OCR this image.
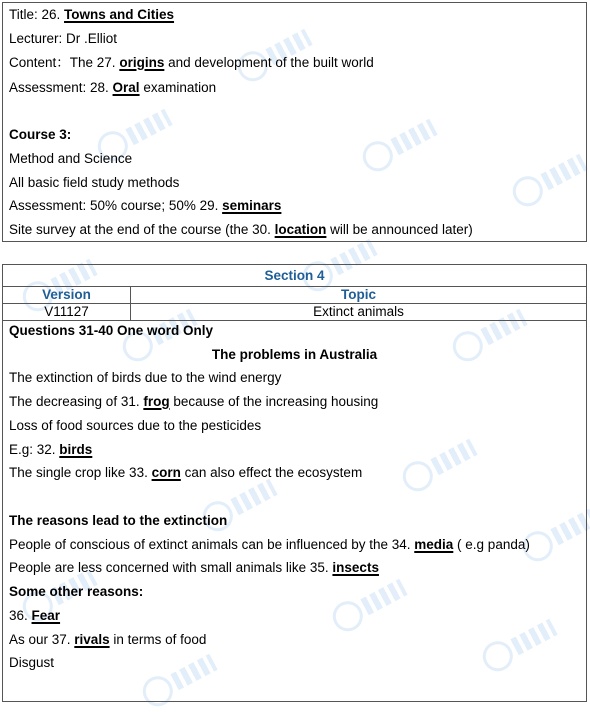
Title: 26. Towns and Cities
Lecturer: Dr .Elliot
Content：The 27. origins and development of the built world
Assessment: 28. Oral examination
Course 3:
Method and Science
All basic field study methods
Assessment: 50% course; 50% 29. seminars
Site survey at the end of the course (the 30. location will be announced later)
Section 4
Version	Topic
V11127	Extinct animals
Questions 31-40 One word Only
The problems in Australia
The extinction of birds due to the wind energy
The decreasing of 31. frog because of the increasing housing
Loss of food sources due to the pesticides
E.g: 32. birds
The single crop like 33. corn can also effect the ecosystem
The reasons lead to the extinction
People of conscious of extinct animals can be influenced by the 34. media ( e.g panda)
People are less concerned with small animals like 35. insects
Some other reasons:
36. Fear
As our 37. rivals in terms of food
Disgust
